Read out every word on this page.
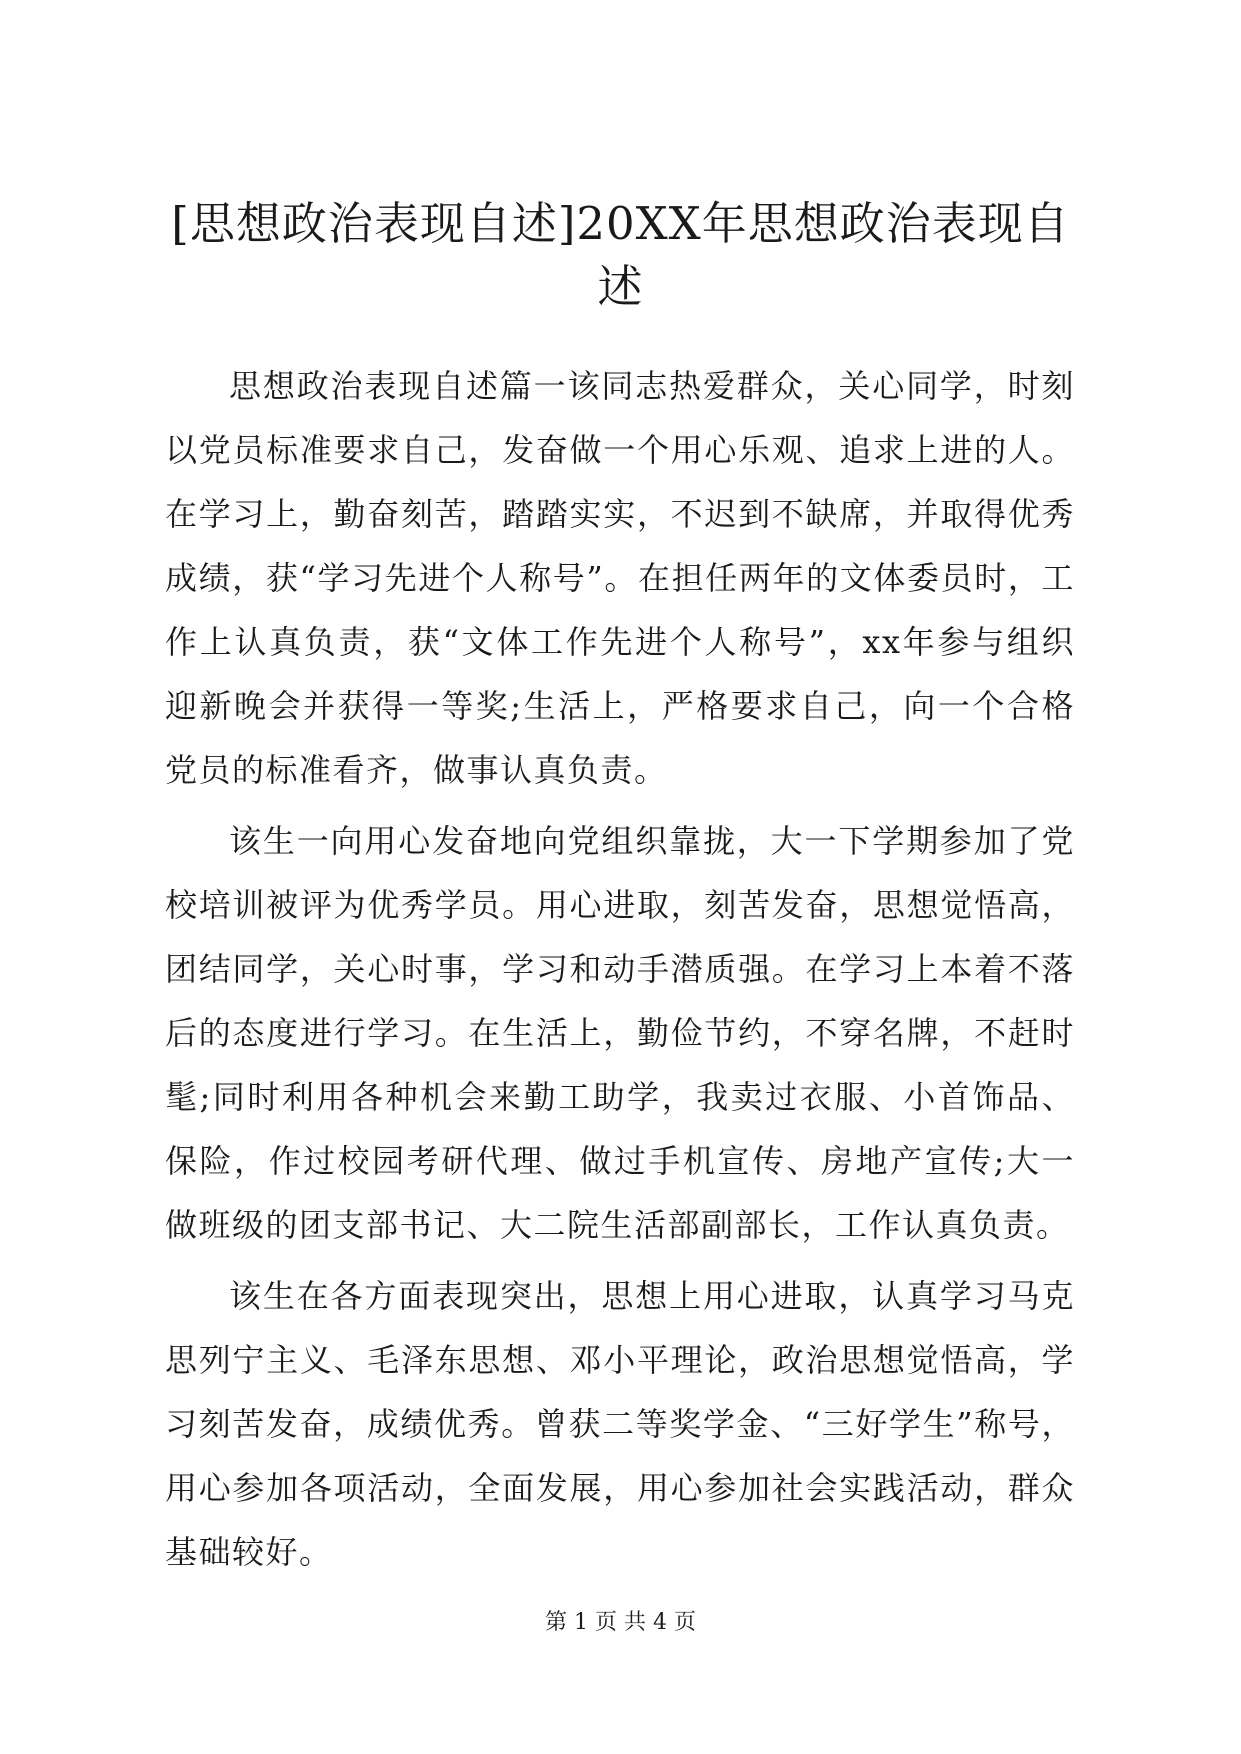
[思想政治表现自述]20XX年思想政治表现自述

思想政治表现自述篇一该同志热爱群众，关心同学，时刻以党员标准要求自己，发奋做一个用心乐观、追求上进的人。在学习上，勤奋刻苦，踏踏实实，不迟到不缺席，并取得优秀成绩，获“学习先进个人称号”。在担任两年的文体委员时，工作上认真负责，获“文体工作先进个人称号”，xx年参与组织迎新晚会并获得一等奖;生活上，严格要求自己，向一个合格党员的标准看齐，做事认真负责。

该生一向用心发奋地向党组织靠拢，大一下学期参加了党校培训被评为优秀学员。用心进取，刻苦发奋，思想觉悟高，团结同学，关心时事，学习和动手潜质强。在学习上本着不落后的态度进行学习。在生活上，勤俭节约，不穿名牌，不赶时髦;同时利用各种机会来勤工助学，我卖过衣服、小首饰品、保险，作过校园考研代理、做过手机宣传、房地产宣传;大一做班级的团支部书记、大二院生活部副部长，工作认真负责。

该生在各方面表现突出，思想上用心进取，认真学习马克思列宁主义、毛泽东思想、邓小平理论，政治思想觉悟高，学习刻苦发奋，成绩优秀。曾获二等奖学金、“三好学生”称号，用心参加各项活动，全面发展，用心参加社会实践活动，群众基础较好。

第 1 页 共 4 页
